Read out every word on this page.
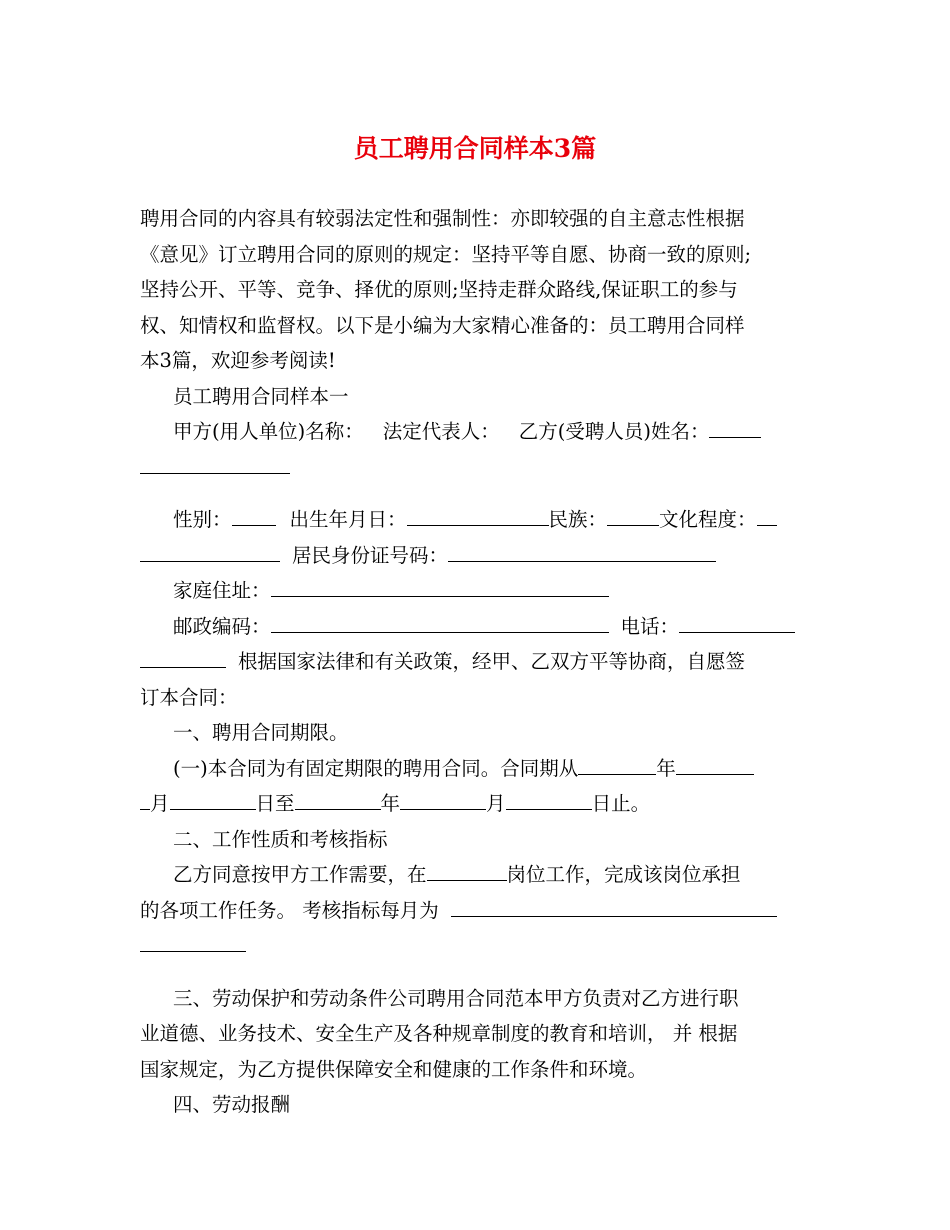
员工聘用合同样本3篇
聘用合同的内容具有较弱法定性和强制性：亦即较强的自主意志性根据
《意见》订立聘用合同的原则的规定：坚持平等自愿、协商一致的原则;
坚持公开、平等、竞争、择优的原则;坚持走群众路线,保证职工的参与
权、知情权和监督权。以下是小编为大家精心准备的：员工聘用合同样
本3篇，欢迎参考阅读!
员工聘用合同样本一
甲方(用人单位)名称： 法定代表人： 乙方(受聘人员)姓名：
性别：	出生年月日：	民族：	文化程度：
居民身份证号码：
家庭住址：
邮政编码：	电话：
根据国家法律和有关政策，经甲、乙双方平等协商，自愿签
订本合同：
一、聘用合同期限。
(一)本合同为有固定期限的聘用合同。合同期从	年
月	日至	年	月	日止。
二、工作性质和考核指标
乙方同意按甲方工作需要，在	岗位工作，完成该岗位承担
的各项工作任务。 考核指标每月为
三、劳动保护和劳动条件公司聘用合同范本甲方负责对乙方进行职
业道德、业务技术、安全生产及各种规章制度的教育和培训， 并 根据
国家规定，为乙方提供保障安全和健康的工作条件和环境。
四、劳动报酬
